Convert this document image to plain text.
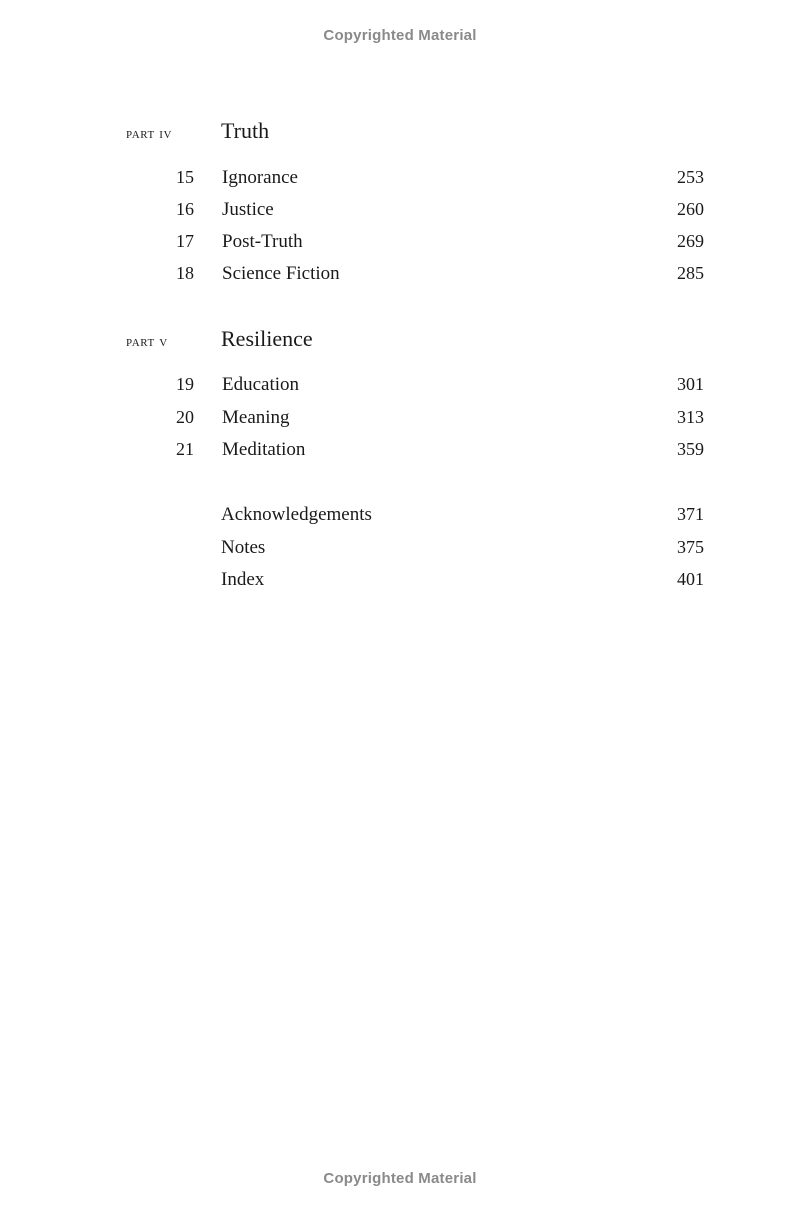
Copyrighted Material
part iv Truth
15 Ignorance	253
16 Justice	260
17 Post-Truth	269
18 Science Fiction	285
part v Resilience
19 Education	301
20 Meaning	313
21 Meditation	359
Acknowledgements	371
Notes	375
Index	401
Copyrighted Material
